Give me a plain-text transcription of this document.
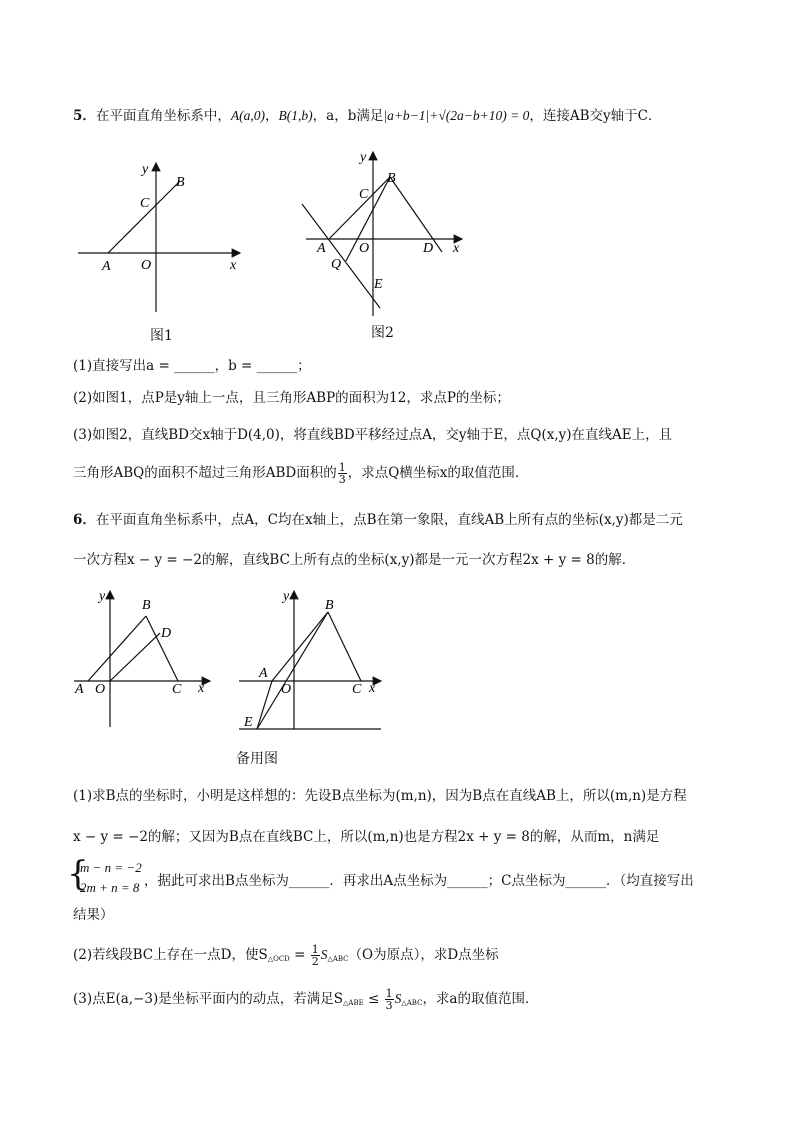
5．在平面直角坐标系中，A(a,0)，B(1,b)，a，b满足|a+b−1|+√(2a−b+10) = 0，连接AB交y轴于C．
y
x
A O
B
C
图1
y
x
C
B
A O	D
Q
E
图2
(1)直接写出a = ______，b = ______；
(2)如图1，点P是y轴上一点，且三角形ABP的面积为12，求点P的坐标；
(3)如图2，直线BD交x轴于D(4,0)，将直线BD平移经过点A，交y轴于E，点Q(x,y)在直线AE上，且
三角形ABQ的面积不超过三角形ABD面积的 $\frac{1}{3}$ ，求点Q横坐标x的取值范围．
6．在平面直角坐标系中，点A，C均在x轴上，点B在第一象限，直线AB上所有点的坐标(x,y)都是二元
一次方程x − y = −2的解，直线BC上所有点的坐标(x,y)都是一元一次方程2x + y = 8的解．
y
x
B
D
A O	C
y
x
B
A
O	C
E
备用图
(1)求B点的坐标时，小明是这样想的：先设B点坐标为(m,n)，因为B点在直线AB上，所以(m,n)是方程
x − y = −2的解；又因为B点在直线BC上，所以(m,n)也是方程2x + y = 8的解，从而m，n满足
{
m − n = −2
2m + n = 8 ，据此可求出B点坐标为______．再求出A点坐标为______；C点坐标为______．（均直接写出
结果）
(2)若线段BC上存在一点D，使$S_{\triangle OCD} = \frac{1}{2} S_{\triangle ABC}(O$为原点），求D点坐标
(3)点E(a,−3)是坐标平面内的动点，若满足$S_{\triangle ABE} \le \frac{1}{3} S_{\triangle ABC}$，求a的取值范围．
